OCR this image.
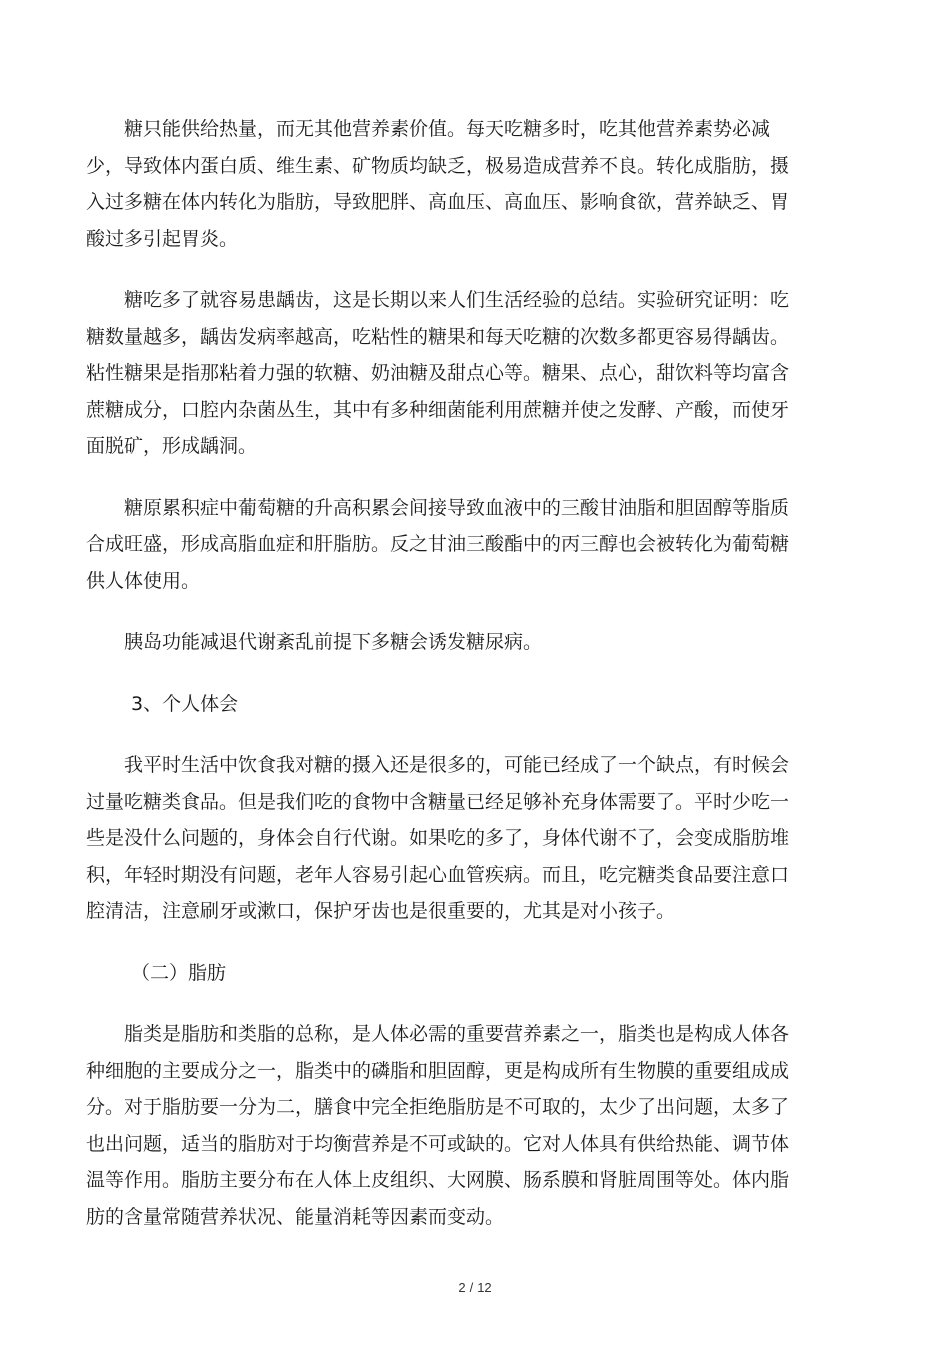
糖只能供给热量，而无其他营养素价值。每天吃糖多时，吃其他营养素势必减少，导致体内蛋白质、维生素、矿物质均缺乏，极易造成营养不良。转化成脂肪，摄入过多糖在体内转化为脂肪，导致肥胖、高血压、高血压、影响食欲，营养缺乏、胃酸过多引起胃炎。

糖吃多了就容易患龋齿，这是长期以来人们生活经验的总结。实验研究证明：吃糖数量越多，龋齿发病率越高，吃粘性的糖果和每天吃糖的次数多都更容易得龋齿。粘性糖果是指那粘着力强的软糖、奶油糖及甜点心等。糖果、点心，甜饮料等均富含蔗糖成分，口腔内杂菌丛生，其中有多种细菌能利用蔗糖并使之发酵、产酸，而使牙面脱矿，形成龋洞。

糖原累积症中葡萄糖的升高积累会间接导致血液中的三酸甘油脂和胆固醇等脂质合成旺盛，形成高脂血症和肝脂肪。反之甘油三酸酯中的丙三醇也会被转化为葡萄糖供人体使用。

胰岛功能减退代谢紊乱前提下多糖会诱发糖尿病。

3、个人体会

我平时生活中饮食我对糖的摄入还是很多的，可能已经成了一个缺点，有时候会过量吃糖类食品。但是我们吃的食物中含糖量已经足够补充身体需要了。平时少吃一些是没什么问题的，身体会自行代谢。如果吃的多了，身体代谢不了，会变成脂肪堆积，年轻时期没有问题，老年人容易引起心血管疾病。而且，吃完糖类食品要注意口腔清洁，注意刷牙或漱口，保护牙齿也是很重要的，尤其是对小孩子。

（二）脂肪

脂类是脂肪和类脂的总称，是人体必需的重要营养素之一，脂类也是构成人体各种细胞的主要成分之一，脂类中的磷脂和胆固醇，更是构成所有生物膜的重要组成成分。对于脂肪要一分为二，膳食中完全拒绝脂肪是不可取的，太少了出问题，太多了也出问题，适当的脂肪对于均衡营养是不可或缺的。它对人体具有供给热能、调节体温等作用。脂肪主要分布在人体上皮组织、大网膜、肠系膜和肾脏周围等处。体内脂肪的含量常随营养状况、能量消耗等因素而变动。

2 / 12
